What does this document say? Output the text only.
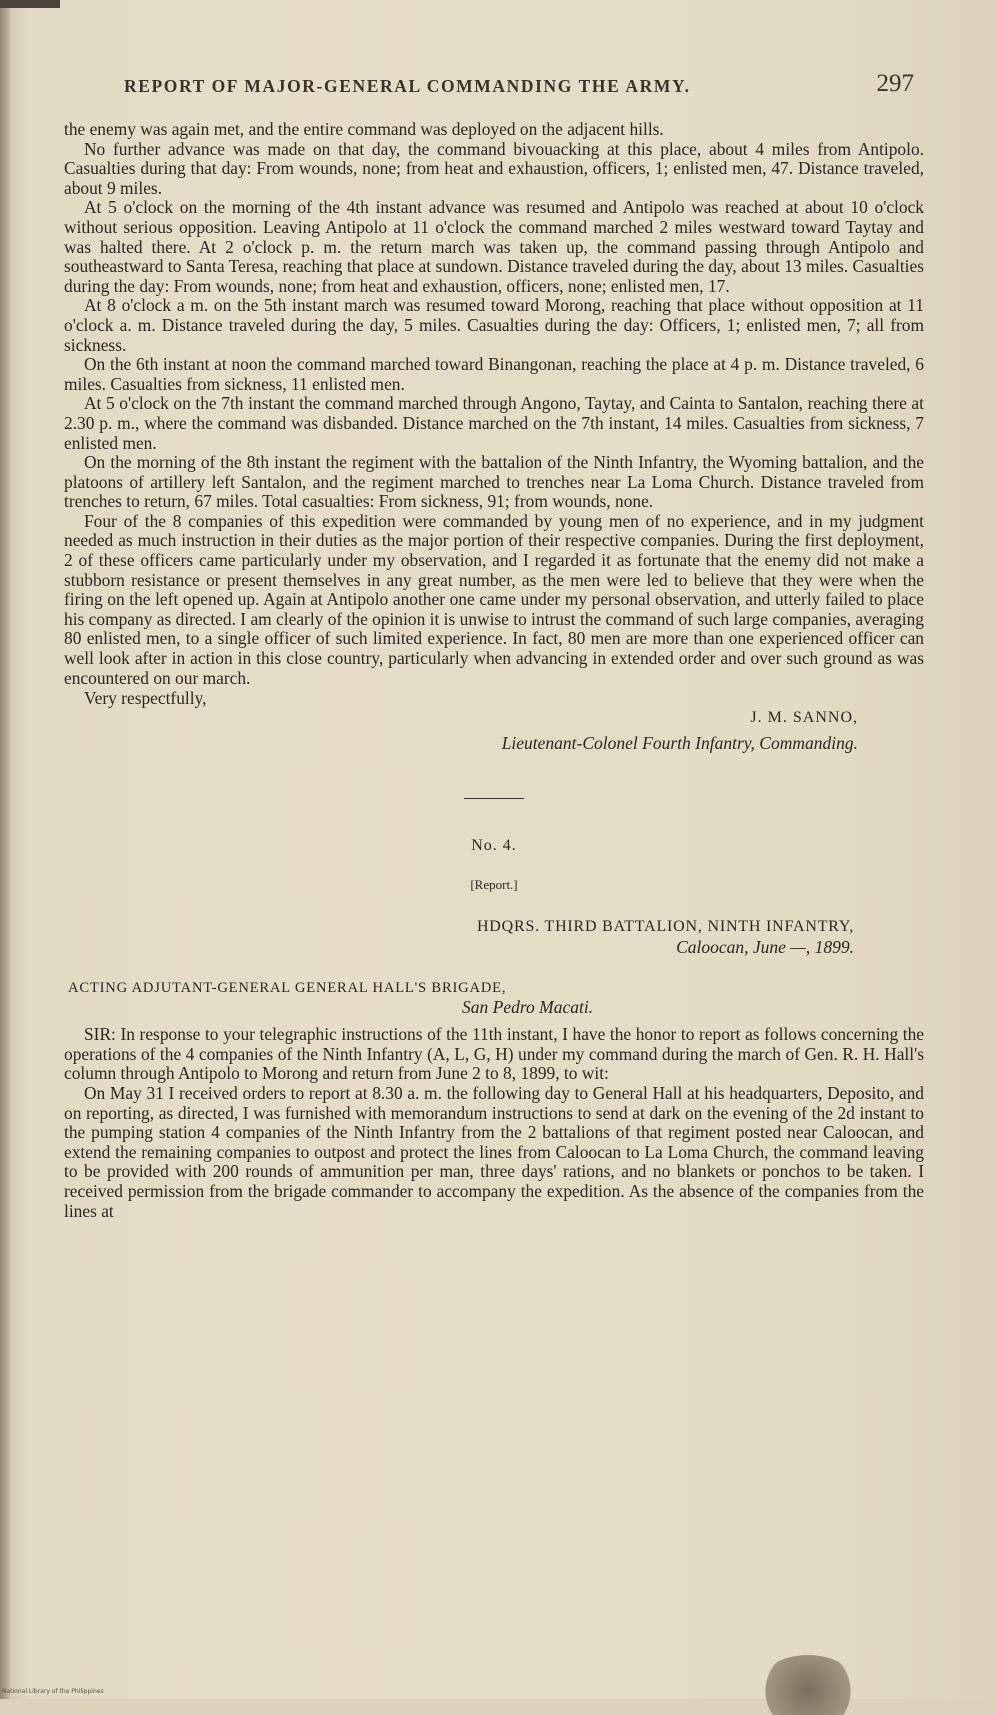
REPORT OF MAJOR-GENERAL COMMANDING THE ARMY.	297

the enemy was again met, and the entire command was deployed on the adjacent hills.

No further advance was made on that day, the command bivouacking at this place, about 4 miles from Antipolo. Casualties during that day: From wounds, none; from heat and exhaustion, officers, 1; enlisted men, 47. Distance traveled, about 9 miles.

At 5 o'clock on the morning of the 4th instant advance was resumed and Antipolo was reached at about 10 o'clock without serious opposition. Leaving Antipolo at 11 o'clock the command marched 2 miles westward toward Taytay and was halted there. At 2 o'clock p. m. the return march was taken up, the command passing through Antipolo and southeastward to Santa Teresa, reaching that place at sundown. Distance traveled during the day, about 13 miles. Casualties during the day: From wounds, none; from heat and exhaustion, officers, none; enlisted men, 17.

At 8 o'clock a m. on the 5th instant march was resumed toward Morong, reaching that place without opposition at 11 o'clock a. m. Distance traveled during the day, 5 miles. Casualties during the day: Officers, 1; enlisted men, 7; all from sickness.

On the 6th instant at noon the command marched toward Binangonan, reaching the place at 4 p. m. Distance traveled, 6 miles. Casualties from sickness, 11 enlisted men.

At 5 o'clock on the 7th instant the command marched through Angono, Taytay, and Cainta to Santalon, reaching there at 2.30 p. m., where the command was disbanded. Distance marched on the 7th instant, 14 miles. Casualties from sickness, 7 enlisted men.

On the morning of the 8th instant the regiment with the battalion of the Ninth Infantry, the Wyoming battalion, and the platoons of artillery left Santalon, and the regiment marched to trenches near La Loma Church. Distance traveled from trenches to return, 67 miles. Total casualties: From sickness, 91; from wounds, none.

Four of the 8 companies of this expedition were commanded by young men of no experience, and in my judgment needed as much instruction in their duties as the major portion of their respective companies. During the first deployment, 2 of these officers came particularly under my observation, and I regarded it as fortunate that the enemy did not make a stubborn resistance or present themselves in any great number, as the men were led to believe that they were when the firing on the left opened up. Again at Antipolo another one came under my personal observation, and utterly failed to place his company as directed. I am clearly of the opinion it is unwise to intrust the command of such large companies, averaging 80 enlisted men, to a single officer of such limited experience. In fact, 80 men are more than one experienced officer can well look after in action in this close country, particularly when advancing in extended order and over such ground as was encountered on our march.

Very respectfully,

J. M. SANNO,

Lieutenant-Colonel Fourth Infantry, Commanding.

No. 4.

[Report.]

HDQRS. THIRD BATTALION, NINTH INFANTRY,

Caloocan, June —, 1899.

ACTING ADJUTANT-GENERAL GENERAL HALL'S BRIGADE,

San Pedro Macati.

SIR: In response to your telegraphic instructions of the 11th instant, I have the honor to report as follows concerning the operations of the 4 companies of the Ninth Infantry (A, L, G, H) under my command during the march of Gen. R. H. Hall's column through Antipolo to Morong and return from June 2 to 8, 1899, to wit:

On May 31 I received orders to report at 8.30 a. m. the following day to General Hall at his headquarters, Deposito, and on reporting, as directed, I was furnished with memorandum instructions to send at dark on the evening of the 2d instant to the pumping station 4 companies of the Ninth Infantry from the 2 battalions of that regiment posted near Caloocan, and extend the remaining companies to outpost and protect the lines from Caloocan to La Loma Church, the command leaving to be provided with 200 rounds of ammunition per man, three days' rations, and no blankets or ponchos to be taken. I received permission from the brigade commander to accompany the expedition. As the absence of the companies from the lines at

National Library of the Philippines
